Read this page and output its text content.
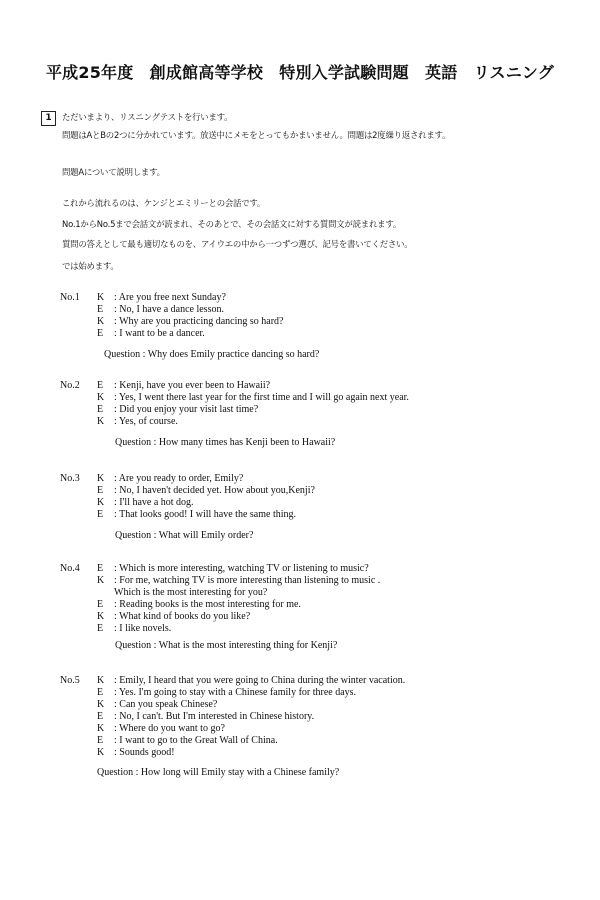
平成25年度　創成館高等学校　特別入学試験問題　英語　リスニング
1	ただいまより、リスニングテストを行います。
問題はAとBの2つに分かれています。放送中にメモをとってもかまいません。問題は2度繰り返されます。
問題Aについて説明します。
これから流れるのは、ケンジとエミリーとの会話です。
No.1からNo.5まで会話文が読まれ、そのあとで、その会話文に対する質問文が読まれます。
質問の答えとして最も適切なものを、アイウエの中から一つずつ選び、記号を書いてください。
では始めます。
No.1 K : Are you free next Sunday?
E	: No, I have a dance lesson.
K : Why are you practicing dancing so hard?
E	: I want to be a dancer.
Question : Why does Emily practice dancing so hard?
No.2 E	: Kenji, have you ever been to Hawaii?
K : Yes, I went there last year for the first time and I will go again next year.
E	: Did you enjoy your visit last time?
K : Yes, of course.
Question : How many times has Kenji been to Hawaii?
No.3 K : Are you ready to order, Emily?
E	: No, I haven't decided yet. How about you,Kenji?
K : I'll have a hot dog.
E	: That looks good! I will have the same thing.
Question : What will Emily order?
No.4 E	: Which is more interesting, watching TV or listening to music?
K : For me, watching TV is more interesting than listening to music .
Which is the most interesting for you?
E	: Reading books is the most interesting for me.
K : What kind of books do you like?
E	: I like novels.
Question : What is the most interesting thing for Kenji?
No.5 K : Emily, I heard that you were going to China during the winter vacation.
E	: Yes. I'm going to stay with a Chinese family for three days.
K : Can you speak Chinese?
E	: No, I can't. But I'm interested in Chinese history.
K : Where do you want to go?
E	: I want to go to the Great Wall of China.
K : Sounds good!
Question : How long will Emily stay with a Chinese family?
